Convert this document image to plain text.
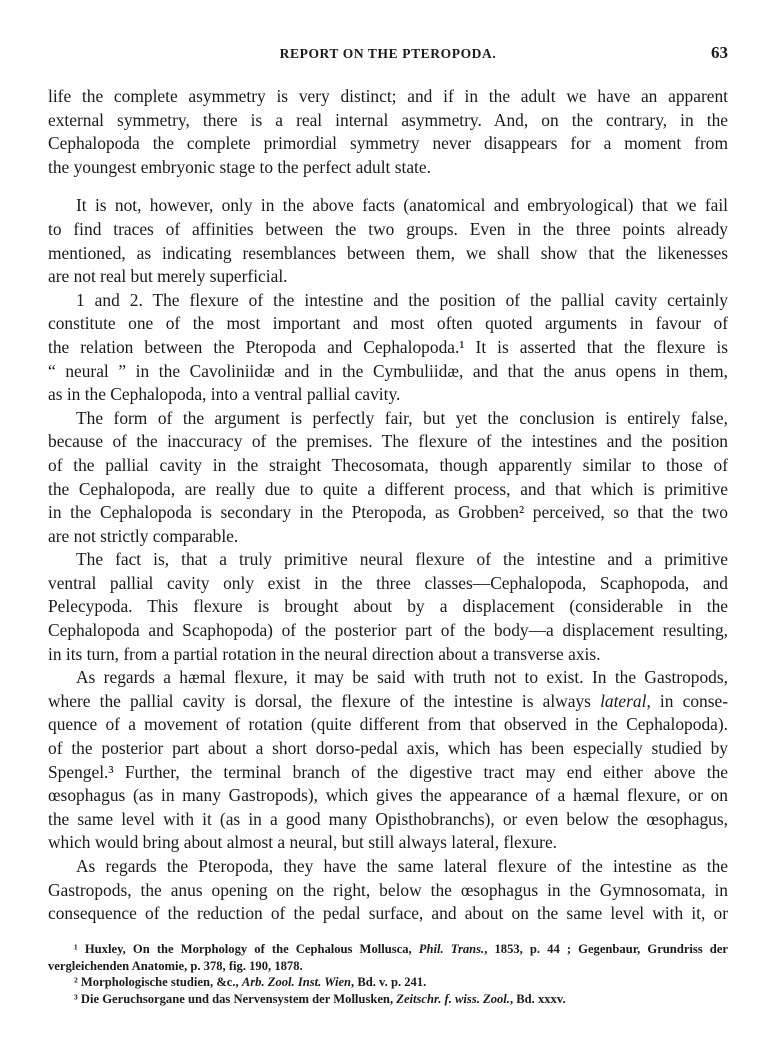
REPORT ON THE PTEROPODA.	63
life the complete asymmetry is very distinct; and if in the adult we have an apparent
external symmetry, there is a real internal asymmetry. And, on the contrary, in the
Cephalopoda the complete primordial symmetry never disappears for a moment from
the youngest embryonic stage to the perfect adult state.
It is not, however, only in the above facts (anatomical and embryological) that we fail
to find traces of affinities between the two groups. Even in the three points already
mentioned, as indicating resemblances between them, we shall show that the likenesses
are not real but merely superficial.
1 and 2. The flexure of the intestine and the position of the pallial cavity certainly
constitute one of the most important and most often quoted arguments in favour of
the relation between the Pteropoda and Cephalopoda.¹ It is asserted that the flexure is
“ neural ” in the Cavoliniidæ and in the Cymbuliidæ, and that the anus opens in them,
as in the Cephalopoda, into a ventral pallial cavity.
The form of the argument is perfectly fair, but yet the conclusion is entirely false,
because of the inaccuracy of the premises. The flexure of the intestines and the position
of the pallial cavity in the straight Thecosomata, though apparently similar to those of
the Cephalopoda, are really due to quite a different process, and that which is primitive
in the Cephalopoda is secondary in the Pteropoda, as Grobben² perceived, so that the two
are not strictly comparable.
The fact is, that a truly primitive neural flexure of the intestine and a primitive
ventral pallial cavity only exist in the three classes—Cephalopoda, Scaphopoda, and
Pelecypoda. This flexure is brought about by a displacement (considerable in the
Cephalopoda and Scaphopoda) of the posterior part of the body—a displacement resulting,
in its turn, from a partial rotation in the neural direction about a transverse axis.
As regards a hæmal flexure, it may be said with truth not to exist. In the Gastropods,
where the pallial cavity is dorsal, the flexure of the intestine is always lateral, in conse-
quence of a movement of rotation (quite different from that observed in the Cephalopoda).
of the posterior part about a short dorso-pedal axis, which has been especially studied by
Spengel.³ Further, the terminal branch of the digestive tract may end either above the
œsophagus (as in many Gastropods), which gives the appearance of a hæmal flexure, or on
the same level with it (as in a good many Opisthobranchs), or even below the œsophagus,
which would bring about almost a neural, but still always lateral, flexure.
As regards the Pteropoda, they have the same lateral flexure of the intestine as the
Gastropods, the anus opening on the right, below the œsophagus in the Gymnosomata, in
consequence of the reduction of the pedal surface, and about on the same level with it, or
¹ Huxley, On the Morphology of the Cephalous Mollusca, Phil. Trans., 1853, p. 44 ; Gegenbaur, Grundriss der
vergleichenden Anatomie, p. 378, fig. 190, 1878.
² Morphologische studien, &c., Arb. Zool. Inst. Wien, Bd. v. p. 241.
³ Die Geruchsorgane und das Nervensystem der Mollusken, Zeitschr. f. wiss. Zool., Bd. xxxv.
